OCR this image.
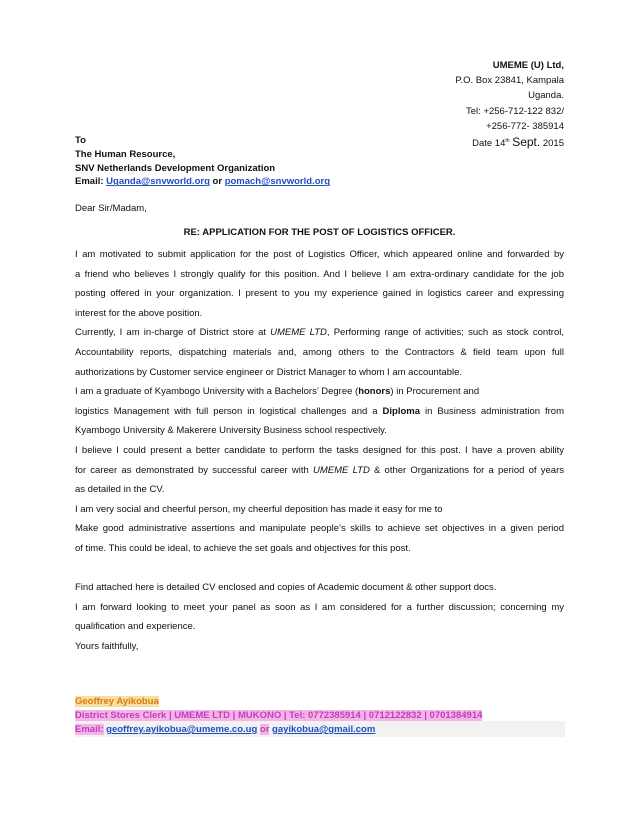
UMEME (U) Ltd,
P.O. Box 23841, Kampala
Uganda.
Tel: +256-712-122 832/
+256-772- 385914
Date 14th Sept. 2015
To
The Human Resource,
SNV Netherlands Development Organization
Email: Uganda@snvworld.org or pomach@snvworld.org
Dear Sir/Madam,
RE: APPLICATION FOR THE POST OF LOGISTICS OFFICER.

I am motivated to submit application for the post of Logistics Officer, which appeared online and forwarded by

a friend who believes I strongly qualify for this position. And I believe I am extra-ordinary candidate for the job

posting offered in your organization. I present to you my experience gained in logistics career and expressing

interest for the above position.

Currently, I am in-charge of District store at UMEME LTD, Performing range of activities; such as stock control,

Accountability reports, dispatching materials and, among others to the Contractors & field team upon full

authorizations by Customer service engineer or District Manager to whom I am accountable.

I am a graduate of Kyambogo University with a Bachelors’ Degree (honors) in Procurement and

logistics Management with full person in logistical challenges and a Diploma in Business administration from

Kyambogo University & Makerere University Business school respectively.

I believe I could present a better candidate to perform the tasks designed for this post. I have a proven ability

for career as demonstrated by successful career with UMEME LTD & other Organizations for a period of years

as detailed in the CV.

I am very social and cheerful person, my cheerful deposition has made it easy for me to

Make good administrative assertions and manipulate people’s skills to achieve set objectives in a given period

of time. This could be ideal, to achieve the set goals and objectives for this post.

Find attached here is detailed CV enclosed and copies of Academic document & other support docs.

I am forward looking to meet your panel as soon as I am considered for a further discussion; concerning my

qualification and experience.

Yours faithfully,

Geoffrey Ayikobua
District Stores Clerk | UMEME LTD | MUKONO | Tel: 0772385914 | 0712122832 | 0701384914
Email: geoffrey.ayikobua@umeme.co.ug or gayikobua@gmail.com
